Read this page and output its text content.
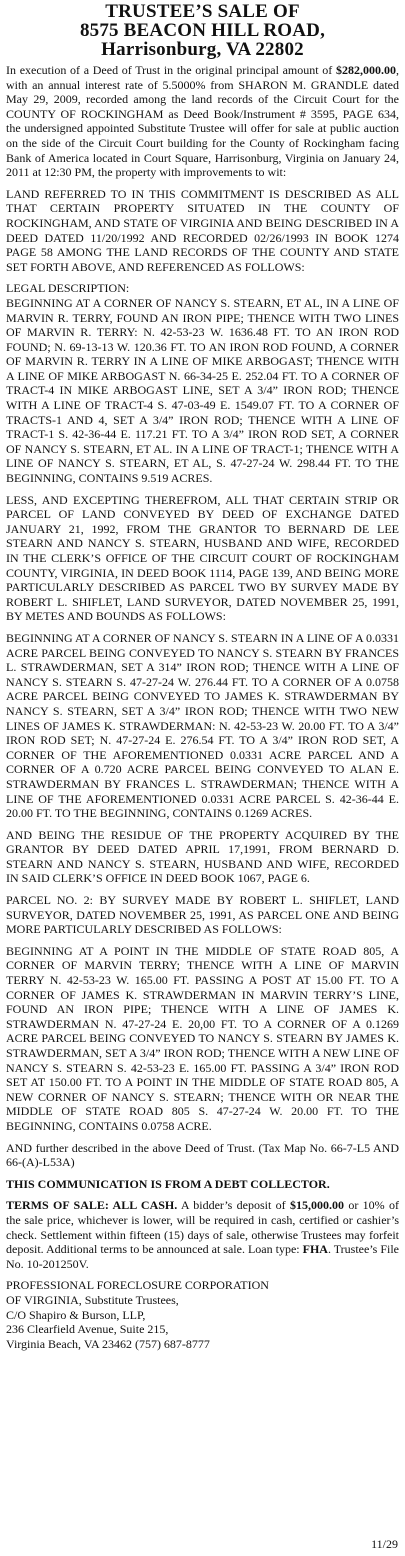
TRUSTEE’S SALE OF
8575 BEACON HILL ROAD,
Harrisonburg, VA 22802

In execution of a Deed of Trust in the original principal amount of $282,000.00, with an annual interest rate of 5.5000% from SHARON M. GRANDLE dated May 29, 2009, recorded among the land records of the Circuit Court for the COUNTY OF ROCKINGHAM as Deed Book/Instrument # 3595, PAGE 634, the undersigned appointed Substitute Trustee will offer for sale at public auction on the side of the Circuit Court building for the County of Rockingham facing Bank of America located in Court Square, Harrisonburg, Virginia on January 24, 2011 at 12:30 PM, the property with improvements to wit:

LAND REFERRED TO IN THIS COMMITMENT IS DESCRIBED AS ALL THAT CERTAIN PROPERTY SITUATED IN THE COUNTY OF ROCKINGHAM, AND STATE OF VIRGINIA AND BEING DESCRIBED IN A DEED DATED 11/20/1992 AND RECORDED 02/26/1993 IN BOOK 1274 PAGE 58 AMONG THE LAND RECORDS OF THE COUNTY AND STATE SET FORTH ABOVE, AND REFERENCED AS FOLLOWS:

LEGAL DESCRIPTION:

BEGINNING AT A CORNER OF NANCY S. STEARN, ET AL, IN A LINE OF MARVIN R. TERRY, FOUND AN IRON PIPE; THENCE WITH TWO LINES OF MARVIN R. TERRY: N. 42-53-23 W. 1636.48 FT. TO AN IRON ROD FOUND; N. 69-13-13 W. 120.36 FT. TO AN IRON ROD FOUND, A CORNER OF MARVIN R. TERRY IN A LINE OF MIKE ARBOGAST; THENCE WITH A LINE OF MIKE ARBOGAST N. 66-34-25 E. 252.04 FT. TO A CORNER OF TRACT-4 IN MIKE ARBOGAST LINE, SET A 3/4” IRON ROD; THENCE WITH A LINE OF TRACT-4 S. 47-03-49 E. 1549.07 FT. TO A CORNER OF TRACTS-1 AND 4, SET A 3/4” IRON ROD; THENCE WITH A LINE OF TRACT-1 S. 42-36-44 E. 117.21 FT. TO A 3/4” IRON ROD SET, A CORNER OF NANCY S. STEARN, ET AL. IN A LINE OF TRACT-1; THENCE WITH A LINE OF NANCY S. STEARN, ET AL, S. 47-27-24 W. 298.44 FT. TO THE BEGINNING, CONTAINS 9.519 ACRES.

LESS, AND EXCEPTING THEREFROM, ALL THAT CERTAIN STRIP OR PARCEL OF LAND CONVEYED BY DEED OF EXCHANGE DATED JANUARY 21, 1992, FROM THE GRANTOR TO BERNARD DE LEE STEARN AND NANCY S. STEARN, HUSBAND AND WIFE, RECORDED IN THE CLERK’S OFFICE OF THE CIRCUIT COURT OF ROCKINGHAM COUNTY, VIRGINIA, IN DEED BOOK 1114, PAGE 139, AND BEING MORE PARTICULARLY DESCRIBED AS PARCEL TWO BY SURVEY MADE BY ROBERT L. SHIFLET, LAND SURVEYOR, DATED NOVEMBER 25, 1991, BY METES AND BOUNDS AS FOLLOWS:

BEGINNING AT A CORNER OF NANCY S. STEARN IN A LINE OF A 0.0331 ACRE PARCEL BEING CONVEYED TO NANCY S. STEARN BY FRANCES L. STRAWDERMAN, SET A 314” IRON ROD; THENCE WITH A LINE OF NANCY S. STEARN S. 47-27-24 W. 276.44 FT. TO A CORNER OF A 0.0758 ACRE PARCEL BEING CONVEYED TO JAMES K. STRAWDERMAN BY NANCY S. STEARN, SET A 3/4” IRON ROD; THENCE WITH TWO NEW LINES OF JAMES K. STRAWDERMAN: N. 42-53-23 W. 20.00 FT. TO A 3/4” IRON ROD SET; N. 47-27-24 E. 276.54 FT. TO A 3/4” IRON ROD SET, A CORNER OF THE AFOREMENTIONED 0.0331 ACRE PARCEL AND A CORNER OF A 0.720 ACRE PARCEL BEING CONVEYED TO ALAN E. STRAWDERMAN BY FRANCES L. STRAWDERMAN; THENCE WITH A LINE OF THE AFOREMENTIONED 0.0331 ACRE PARCEL S. 42-36-44 E. 20.00 FT. TO THE BEGINNING, CONTAINS 0.1269 ACRES.

AND BEING THE RESIDUE OF THE PROPERTY ACQUIRED BY THE GRANTOR BY DEED DATED APRIL 17,1991, FROM BERNARD D. STEARN AND NANCY S. STEARN, HUSBAND AND WIFE, RECORDED IN SAID CLERK’S OFFICE IN DEED BOOK 1067, PAGE 6.

PARCEL NO. 2: BY SURVEY MADE BY ROBERT L. SHIFLET, LAND SURVEYOR, DATED NOVEMBER 25, 1991, AS PARCEL ONE AND BEING MORE PARTICULARLY DESCRIBED AS FOLLOWS:

BEGINNING AT A POINT IN THE MIDDLE OF STATE ROAD 805, A CORNER OF MARVIN TERRY; THENCE WITH A LINE OF MARVIN TERRY N. 42-53-23 W. 165.00 FT. PASSING A POST AT 15.00 FT. TO A CORNER OF JAMES K. STRAWDERMAN IN MARVIN TERRY’S LINE, FOUND AN IRON PIPE; THENCE WITH A LINE OF JAMES K. STRAWDERMAN N. 47-27-24 E. 20,00 FT. TO A CORNER OF A 0.1269 ACRE PARCEL BEING CONVEYED TO NANCY S. STEARN BY JAMES K. STRAWDERMAN, SET A 3/4” IRON ROD; THENCE WITH A NEW LINE OF NANCY S. STEARN S. 42-53-23 E. 165.00 FT. PASSING A 3/4” IRON ROD SET AT 150.00 FT. TO A POINT IN THE MIDDLE OF STATE ROAD 805, A NEW CORNER OF NANCY S. STEARN; THENCE WITH OR NEAR THE MIDDLE OF STATE ROAD 805 S. 47-27-24 W. 20.00 FT. TO THE BEGINNING, CONTAINS 0.0758 ACRE.

AND further described in the above Deed of Trust. (Tax Map No. 66-7-L5 AND 66-(A)-L53A)

THIS COMMUNICATION IS FROM A DEBT COLLECTOR.

TERMS OF SALE: ALL CASH. A bidder’s deposit of $15,000.00 or 10% of the sale price, whichever is lower, will be required in cash, certified or cashier’s check. Settlement within fifteen (15) days of sale, otherwise Trustees may forfeit deposit. Additional terms to be announced at sale. Loan type: FHA. Trustee’s File No. 10-201250V.

PROFESSIONAL FORECLOSURE CORPORATION

OF VIRGINIA, Substitute Trustees,

C/O Shapiro & Burson, LLP,

236 Clearfield Avenue, Suite 215,

Virginia Beach, VA 23462 (757) 687-8777

11/29
